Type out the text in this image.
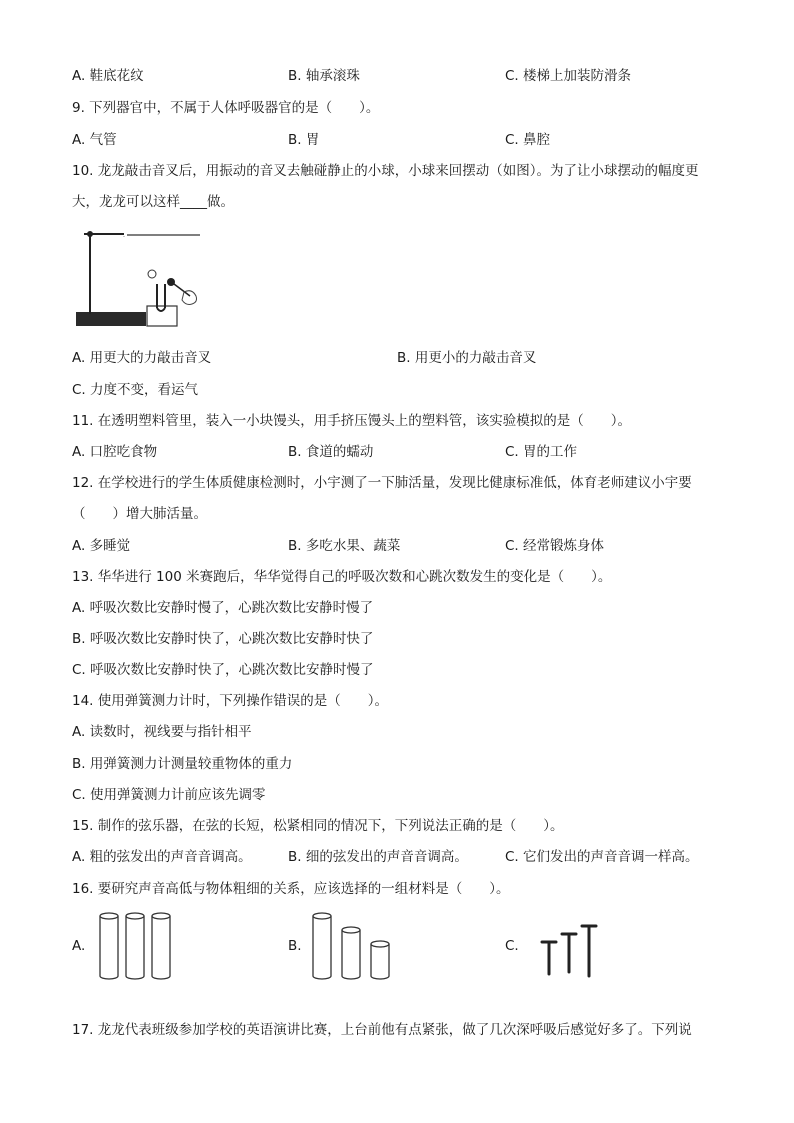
A. 鞋底花纹	B. 轴承滚珠	C. 楼梯上加装防滑条
9. 下列器官中，不属于人体呼吸器官的是（　　）。
A. 气管	B. 胃	C. 鼻腔
10. 龙龙敲击音叉后，用振动的音叉去触碰静止的小球，小球来回摆动（如图）。为了让小球摆动的幅度更
大，龙龙可以这样____做。
A. 用更大的力敲击音叉	B. 用更小的力敲击音叉
C. 力度不变，看运气
11. 在透明塑料管里，装入一小块馒头，用手挤压馒头上的塑料管，该实验模拟的是（　　）。
A. 口腔吃食物	B. 食道的蠕动	C. 胃的工作
12. 在学校进行的学生体质健康检测时，小宇测了一下肺活量，发现比健康标准低，体育老师建议小宇要
（　　）增大肺活量。
A. 多睡觉	B. 多吃水果、蔬菜	C. 经常锻炼身体
13. 华华进行 100 米赛跑后，华华觉得自己的呼吸次数和心跳次数发生的变化是（　　）。
A. 呼吸次数比安静时慢了，心跳次数比安静时慢了
B. 呼吸次数比安静时快了，心跳次数比安静时快了
C. 呼吸次数比安静时快了，心跳次数比安静时慢了
14. 使用弹簧测力计时，下列操作错误的是（　　）。
A. 读数时，视线要与指针相平
B. 用弹簧测力计测量较重物体的重力
C. 使用弹簧测力计前应该先调零
15. 制作的弦乐器，在弦的长短，松紧相同的情况下，下列说法正确的是（　　）。
A. 粗的弦发出的声音音调高。	B. 细的弦发出的声音音调高。	C. 它们发出的声音音调一样高。
16. 要研究声音高低与物体粗细的关系，应该选择的一组材料是（　　）。
A.	B.	C.
17. 龙龙代表班级参加学校的英语演讲比赛，上台前他有点紧张，做了几次深呼吸后感觉好多了。下列说
